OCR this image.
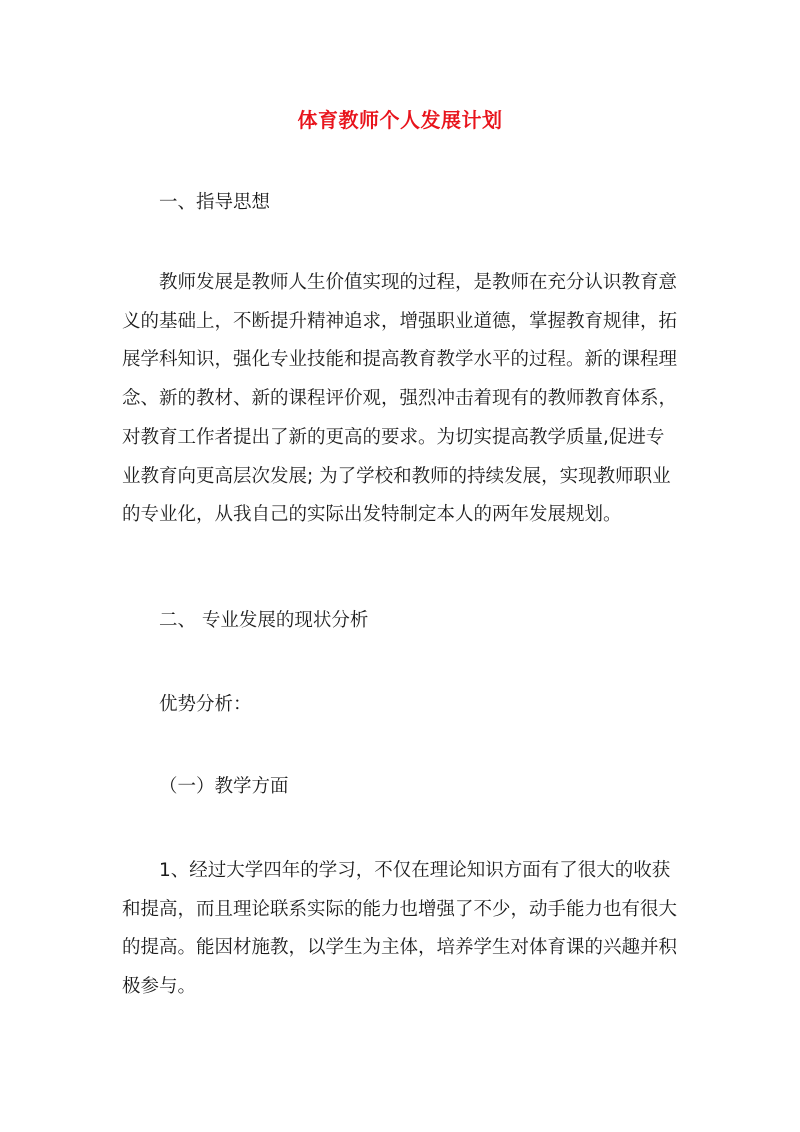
体育教师个人发展计划
一、指导思想
教师发展是教师人生价值实现的过程，是教师在充分认识教育意
义的基础上，不断提升精神追求，增强职业道德，掌握教育规律，拓
展学科知识，强化专业技能和提高教育教学水平的过程。新的课程理
念、新的教材、新的课程评价观，强烈冲击着现有的教师教育体系，
对教育工作者提出了新的更高的要求。为切实提高教学质量,促进专
业教育向更高层次发展; 为了学校和教师的持续发展，实现教师职业
的专业化，从我自己的实际出发特制定本人的两年发展规划。
二、 专业发展的现状分析
优势分析：
（一）教学方面
1、经过大学四年的学习，不仅在理论知识方面有了很大的收获
和提高，而且理论联系实际的能力也增强了不少，动手能力也有很大
的提高。能因材施教，以学生为主体，培养学生对体育课的兴趣并积
极参与。
